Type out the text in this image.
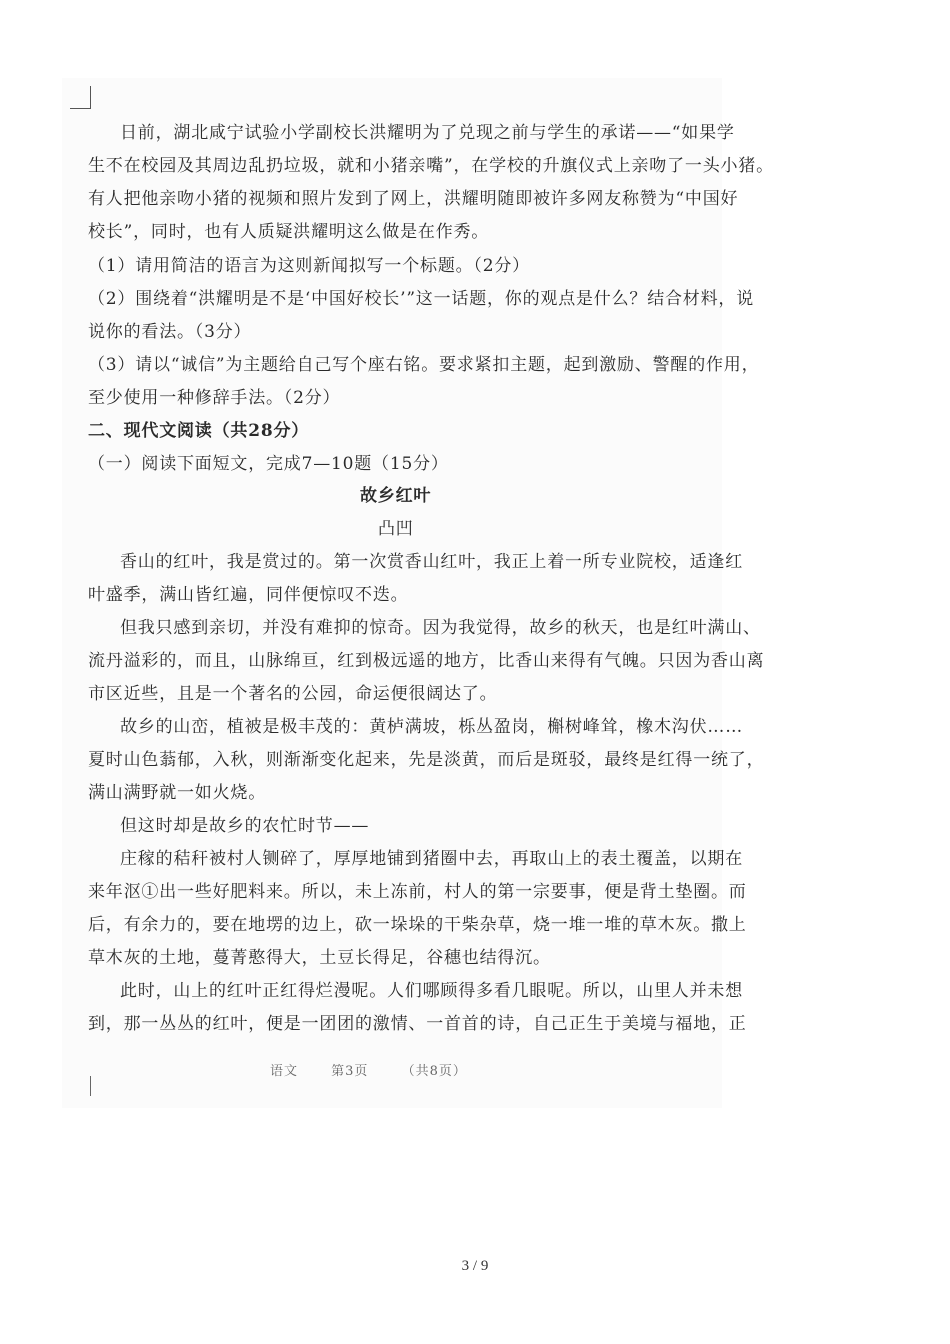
日前，湖北咸宁试验小学副校长洪耀明为了兑现之前与学生的承诺——“如果学
生不在校园及其周边乱扔垃圾，就和小猪亲嘴”，在学校的升旗仪式上亲吻了一头小猪。
有人把他亲吻小猪的视频和照片发到了网上，洪耀明随即被许多网友称赞为“中国好
校长”，同时，也有人质疑洪耀明这么做是在作秀。
（1）请用简洁的语言为这则新闻拟写一个标题。（2分）
（2）围绕着“洪耀明是不是‘中国好校长’”这一话题，你的观点是什么？结合材料，说
说你的看法。（3分）
（3）请以“诚信”为主题给自己写个座右铭。要求紧扣主题，起到激励、警醒的作用，
至少使用一种修辞手法。（2分）
二、现代文阅读（共28分）
（一）阅读下面短文，完成7—10题（15分）
故乡红叶
凸凹
香山的红叶，我是赏过的。第一次赏香山红叶，我正上着一所专业院校，适逢红
叶盛季，满山皆红遍，同伴便惊叹不迭。
但我只感到亲切，并没有难抑的惊奇。因为我觉得，故乡的秋天，也是红叶满山、
流丹溢彩的，而且，山脉绵亘，红到极远遥的地方，比香山来得有气魄。只因为香山离
市区近些，且是一个著名的公园，命运便很阔达了。
故乡的山峦，植被是极丰茂的：黄栌满坡，栎丛盈岗，槲树峰耸，橡木沟伏……
夏时山色蓊郁，入秋，则渐渐变化起来，先是淡黄，而后是斑驳，最终是红得一统了，
满山满野就一如火烧。
但这时却是故乡的农忙时节——
庄稼的秸秆被村人铡碎了，厚厚地铺到猪圈中去，再取山上的表土覆盖，以期在
来年沤①出一些好肥料来。所以，未上冻前，村人的第一宗要事，便是背土垫圈。而
后，有余力的，要在地塄的边上，砍一垛垛的干柴杂草，烧一堆一堆的草木灰。撒上
草木灰的土地，蔓菁憨得大，土豆长得足，谷穗也结得沉。
此时，山上的红叶正红得烂漫呢。人们哪顾得多看几眼呢。所以，山里人并未想
到，那一丛丛的红叶，便是一团团的激情、一首首的诗，自己正生于美境与福地，正
语文	第3页	（共8页）
3 / 9
